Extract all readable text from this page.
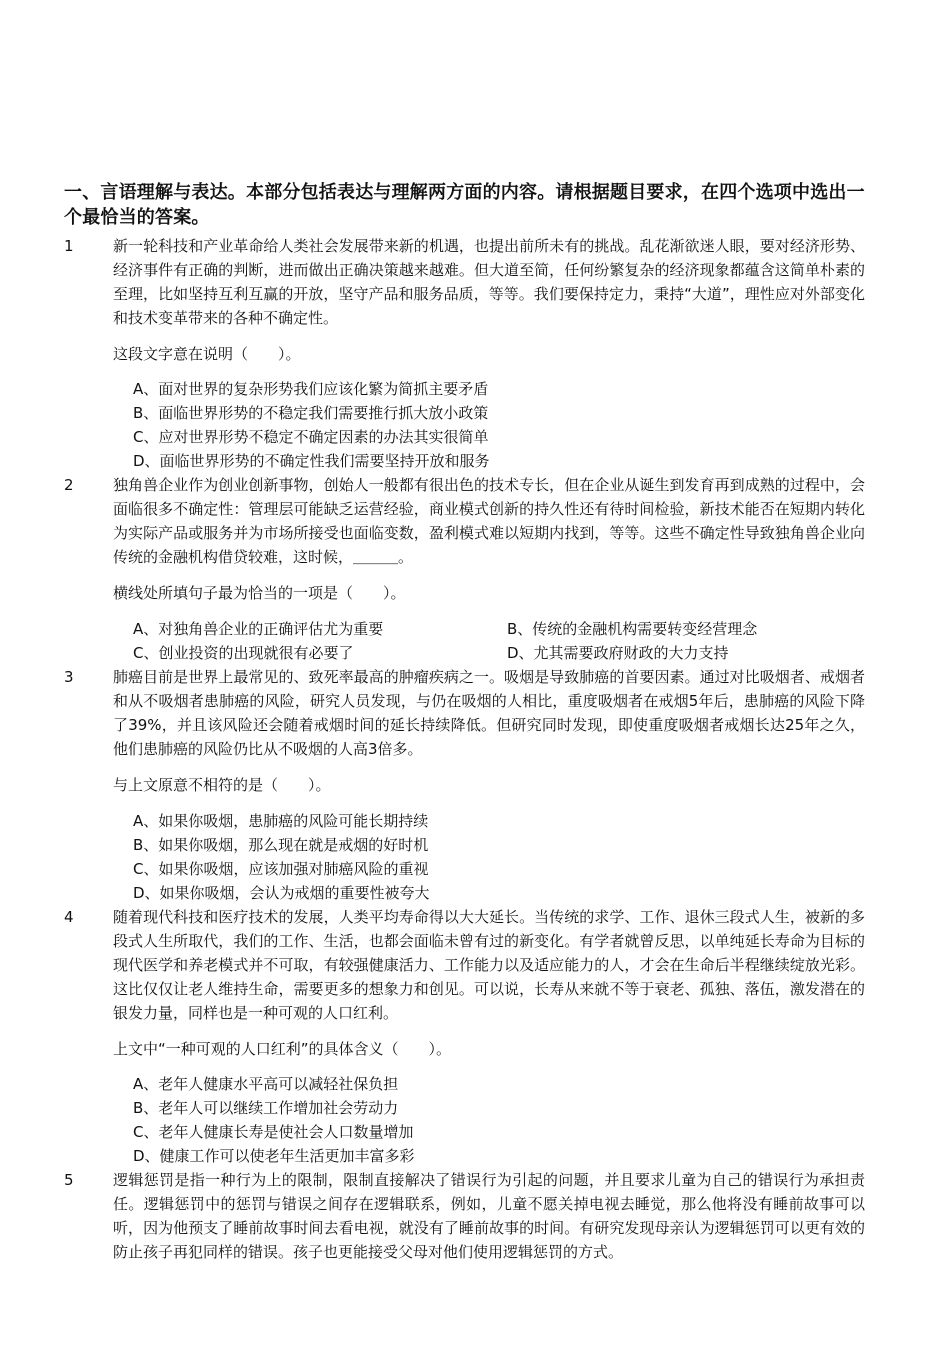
一、言语理解与表达。本部分包括表达与理解两方面的内容。请根据题目要求，在四个选项中选出一个最恰当的答案。
1	新一轮科技和产业革命给人类社会发展带来新的机遇，也提出前所未有的挑战。乱花渐欲迷人眼，要对经济形势、经济事件有正确的判断，进而做出正确决策越来越难。但大道至简，任何纷繁复杂的经济现象都蕴含这简单朴素的至理，比如坚持互利互赢的开放，坚守产品和服务品质，等等。我们要保持定力，秉持“大道”，理性应对外部变化和技术变革带来的各种不确定性。
这段文字意在说明（　　）。
A、面对世界的复杂形势我们应该化繁为简抓主要矛盾
B、面临世界形势的不稳定我们需要推行抓大放小政策
C、应对世界形势不稳定不确定因素的办法其实很简单
D、面临世界形势的不确定性我们需要坚持开放和服务
2	独角兽企业作为创业创新事物，创始人一般都有很出色的技术专长，但在企业从诞生到发育再到成熟的过程中，会面临很多不确定性：管理层可能缺乏运营经验，商业模式创新的持久性还有待时间检验，新技术能否在短期内转化为实际产品或服务并为市场所接受也面临变数，盈利模式难以短期内找到，等等。这些不确定性导致独角兽企业向传统的金融机构借贷较难，这时候，＿＿＿。
横线处所填句子最为恰当的一项是（　　）。
A、对独角兽企业的正确评估尤为重要	B、传统的金融机构需要转变经营理念
C、创业投资的出现就很有必要了	D、尤其需要政府财政的大力支持
3	肺癌目前是世界上最常见的、致死率最高的肿瘤疾病之一。吸烟是导致肺癌的首要因素。通过对比吸烟者、戒烟者和从不吸烟者患肺癌的风险，研究人员发现，与仍在吸烟的人相比，重度吸烟者在戒烟5年后，患肺癌的风险下降了39%，并且该风险还会随着戒烟时间的延长持续降低。但研究同时发现，即使重度吸烟者戒烟长达25年之久，他们患肺癌的风险仍比从不吸烟的人高3倍多。
与上文原意不相符的是（　　）。
A、如果你吸烟，患肺癌的风险可能长期持续
B、如果你吸烟，那么现在就是戒烟的好时机
C、如果你吸烟，应该加强对肺癌风险的重视
D、如果你吸烟，会认为戒烟的重要性被夸大
4	随着现代科技和医疗技术的发展，人类平均寿命得以大大延长。当传统的求学、工作、退休三段式人生，被新的多段式人生所取代，我们的工作、生活，也都会面临未曾有过的新变化。有学者就曾反思，以单纯延长寿命为目标的现代医学和养老模式并不可取，有较强健康活力、工作能力以及适应能力的人，才会在生命后半程继续绽放光彩。这比仅仅让老人维持生命，需要更多的想象力和创见。可以说，长寿从来就不等于衰老、孤独、落伍，激发潜在的银发力量，同样也是一种可观的人口红利。
上文中“一种可观的人口红利”的具体含义（　　）。
A、老年人健康水平高可以减轻社保负担
B、老年人可以继续工作增加社会劳动力
C、老年人健康长寿是使社会人口数量增加
D、健康工作可以使老年生活更加丰富多彩
5	逻辑惩罚是指一种行为上的限制，限制直接解决了错误行为引起的问题，并且要求儿童为自己的错误行为承担责任。逻辑惩罚中的惩罚与错误之间存在逻辑联系，例如，儿童不愿关掉电视去睡觉，那么他将没有睡前故事可以听，因为他预支了睡前故事时间去看电视，就没有了睡前故事的时间。有研究发现母亲认为逻辑惩罚可以更有效的防止孩子再犯同样的错误。孩子也更能接受父母对他们使用逻辑惩罚的方式。
